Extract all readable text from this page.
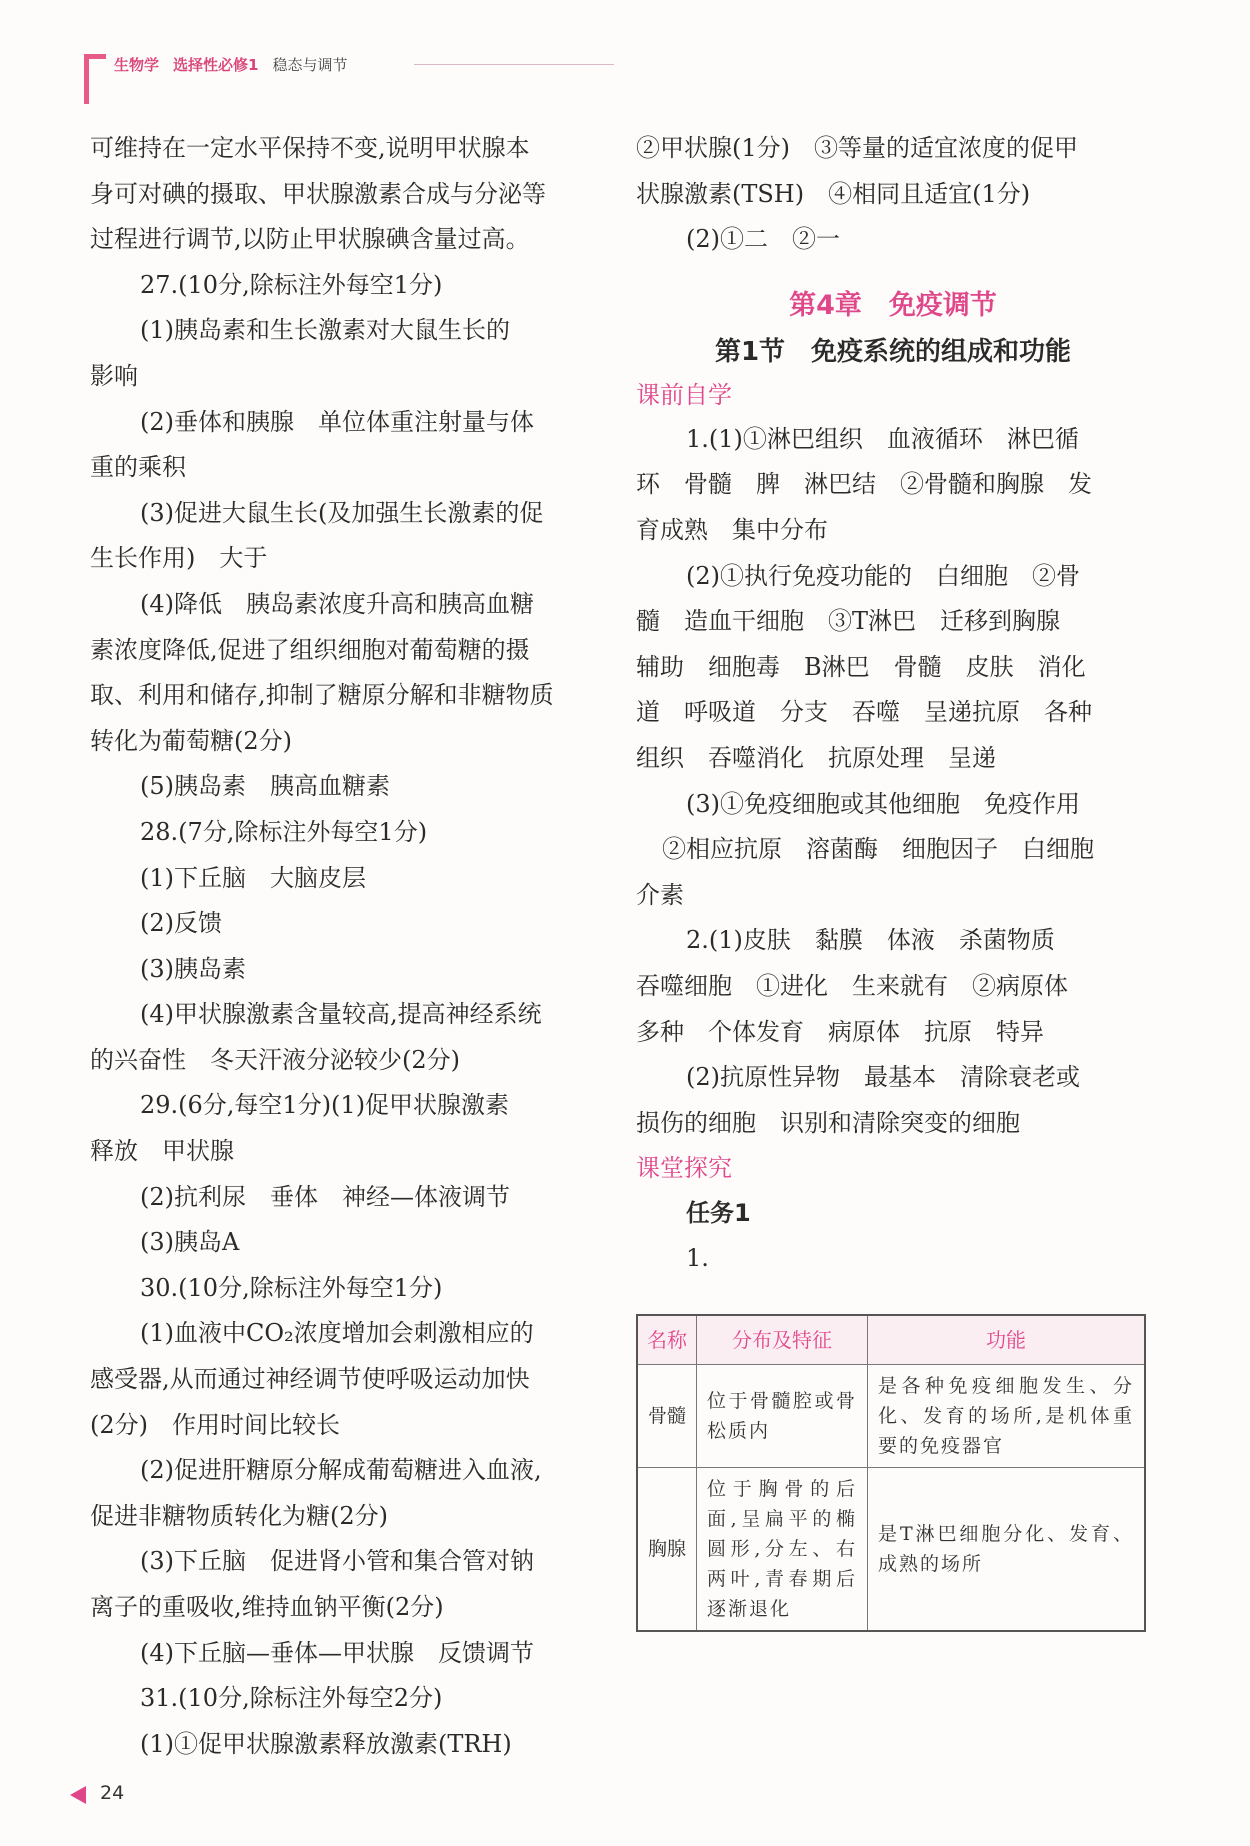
生物学 选择性必修1 稳态与调节
可维持在一定水平保持不变,说明甲状腺本
身可对碘的摄取、甲状腺激素合成与分泌等
过程进行调节,以防止甲状腺碘含量过高。
27.(10分,除标注外每空1分)
(1)胰岛素和生长激素对大鼠生长的
影响
(2)垂体和胰腺　单位体重注射量与体
重的乘积
(3)促进大鼠生长(及加强生长激素的促
生长作用)　大于
(4)降低　胰岛素浓度升高和胰高血糖
素浓度降低,促进了组织细胞对葡萄糖的摄
取、利用和储存,抑制了糖原分解和非糖物质
转化为葡萄糖(2分)
(5)胰岛素　胰高血糖素
28.(7分,除标注外每空1分)
(1)下丘脑　大脑皮层
(2)反馈
(3)胰岛素
(4)甲状腺激素含量较高,提高神经系统
的兴奋性　冬天汗液分泌较少(2分)
29.(6分,每空1分)(1)促甲状腺激素
释放　甲状腺
(2)抗利尿　垂体　神经—体液调节
(3)胰岛A
30.(10分,除标注外每空1分)
(1)血液中CO₂浓度增加会刺激相应的
感受器,从而通过神经调节使呼吸运动加快
(2分)　作用时间比较长
(2)促进肝糖原分解成葡萄糖进入血液,
促进非糖物质转化为糖(2分)
(3)下丘脑　促进肾小管和集合管对钠
离子的重吸收,维持血钠平衡(2分)
(4)下丘脑—垂体—甲状腺　反馈调节
31.(10分,除标注外每空2分)
(1)①促甲状腺激素释放激素(TRH)
②甲状腺(1分)　③等量的适宜浓度的促甲
状腺激素(TSH)　④相同且适宜(1分)
(2)①二　②一
第4章　免疫调节
第1节　免疫系统的组成和功能
课前自学
1.(1)①淋巴组织　血液循环　淋巴循
环　骨髓　脾　淋巴结　②骨髓和胸腺　发
育成熟　集中分布
(2)①执行免疫功能的　白细胞　②骨
髓　造血干细胞　③T淋巴　迁移到胸腺
辅助　细胞毒　B淋巴　骨髓　皮肤　消化
道　呼吸道　分支　吞噬　呈递抗原　各种
组织　吞噬消化　抗原处理　呈递
(3)①免疫细胞或其他细胞　免疫作用
②相应抗原　溶菌酶　细胞因子　白细胞
介素
2.(1)皮肤　黏膜　体液　杀菌物质
吞噬细胞　①进化　生来就有　②病原体
多种　个体发育　病原体　抗原　特异
(2)抗原性异物　最基本　清除衰老或
损伤的细胞　识别和清除突变的细胞
课堂探究
任务1
1.
名称	分布及特征	功能
骨髓	位于骨髓腔或骨松质内	是各种免疫细胞发生、分化、发育的场所,是机体重要的免疫器官
胸腺	位于胸骨的后面,呈扁平的椭圆形,分左、右两叶,青春期后逐渐退化	是T淋巴细胞分化、发育、成熟的场所
24
